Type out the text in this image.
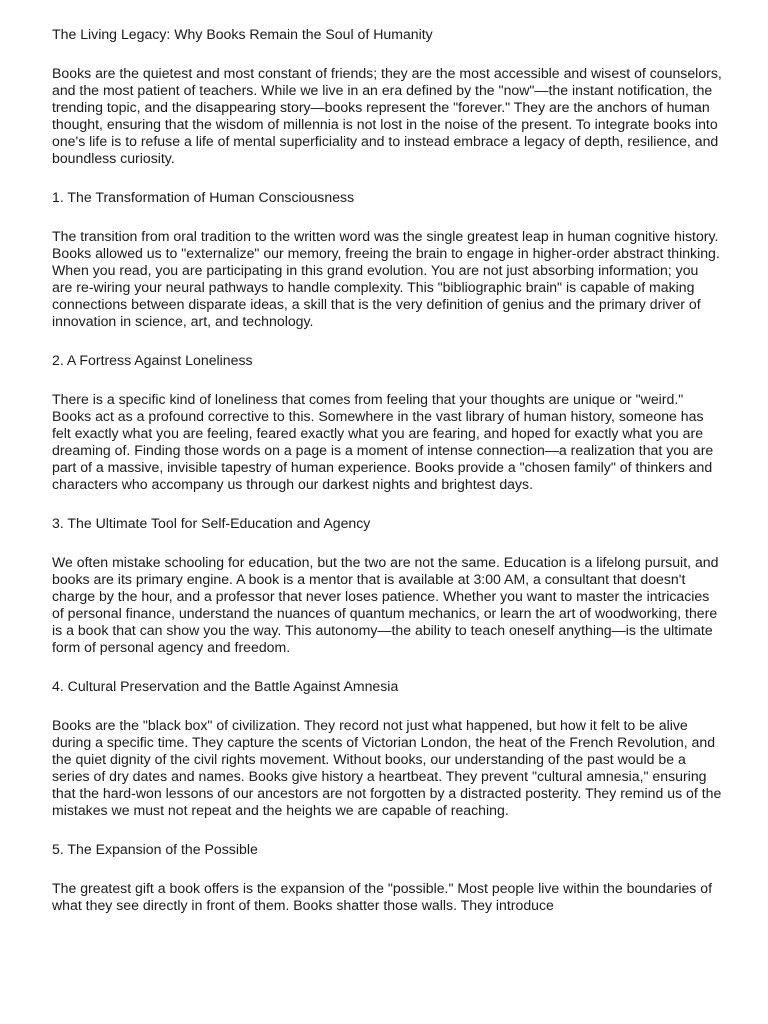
The Living Legacy: Why Books Remain the Soul of Humanity
Books are the quietest and most constant of friends; they are the most accessible and wisest of counselors, and the most patient of teachers. While we live in an era defined by the "now"—the instant notification, the trending topic, and the disappearing story—books represent the "forever." They are the anchors of human thought, ensuring that the wisdom of millennia is not lost in the noise of the present. To integrate books into one's life is to refuse a life of mental superficiality and to instead embrace a legacy of depth, resilience, and boundless curiosity.
1. The Transformation of Human Consciousness
The transition from oral tradition to the written word was the single greatest leap in human cognitive history. Books allowed us to "externalize" our memory, freeing the brain to engage in higher-order abstract thinking. When you read, you are participating in this grand evolution. You are not just absorbing information; you are re-wiring your neural pathways to handle complexity. This "bibliographic brain" is capable of making connections between disparate ideas, a skill that is the very definition of genius and the primary driver of innovation in science, art, and technology.
2. A Fortress Against Loneliness
There is a specific kind of loneliness that comes from feeling that your thoughts are unique or "weird." Books act as a profound corrective to this. Somewhere in the vast library of human history, someone has felt exactly what you are feeling, feared exactly what you are fearing, and hoped for exactly what you are dreaming of. Finding those words on a page is a moment of intense connection—a realization that you are part of a massive, invisible tapestry of human experience. Books provide a "chosen family" of thinkers and characters who accompany us through our darkest nights and brightest days.
3. The Ultimate Tool for Self-Education and Agency
We often mistake schooling for education, but the two are not the same. Education is a lifelong pursuit, and books are its primary engine. A book is a mentor that is available at 3:00 AM, a consultant that doesn't charge by the hour, and a professor that never loses patience. Whether you want to master the intricacies of personal finance, understand the nuances of quantum mechanics, or learn the art of woodworking, there is a book that can show you the way. This autonomy—the ability to teach oneself anything—is the ultimate form of personal agency and freedom.
4. Cultural Preservation and the Battle Against Amnesia
Books are the "black box" of civilization. They record not just what happened, but how it felt to be alive during a specific time. They capture the scents of Victorian London, the heat of the French Revolution, and the quiet dignity of the civil rights movement. Without books, our understanding of the past would be a series of dry dates and names. Books give history a heartbeat. They prevent "cultural amnesia," ensuring that the hard-won lessons of our ancestors are not forgotten by a distracted posterity. They remind us of the mistakes we must not repeat and the heights we are capable of reaching.
5. The Expansion of the Possible
The greatest gift a book offers is the expansion of the "possible." Most people live within the boundaries of what they see directly in front of them. Books shatter those walls. They introduce
